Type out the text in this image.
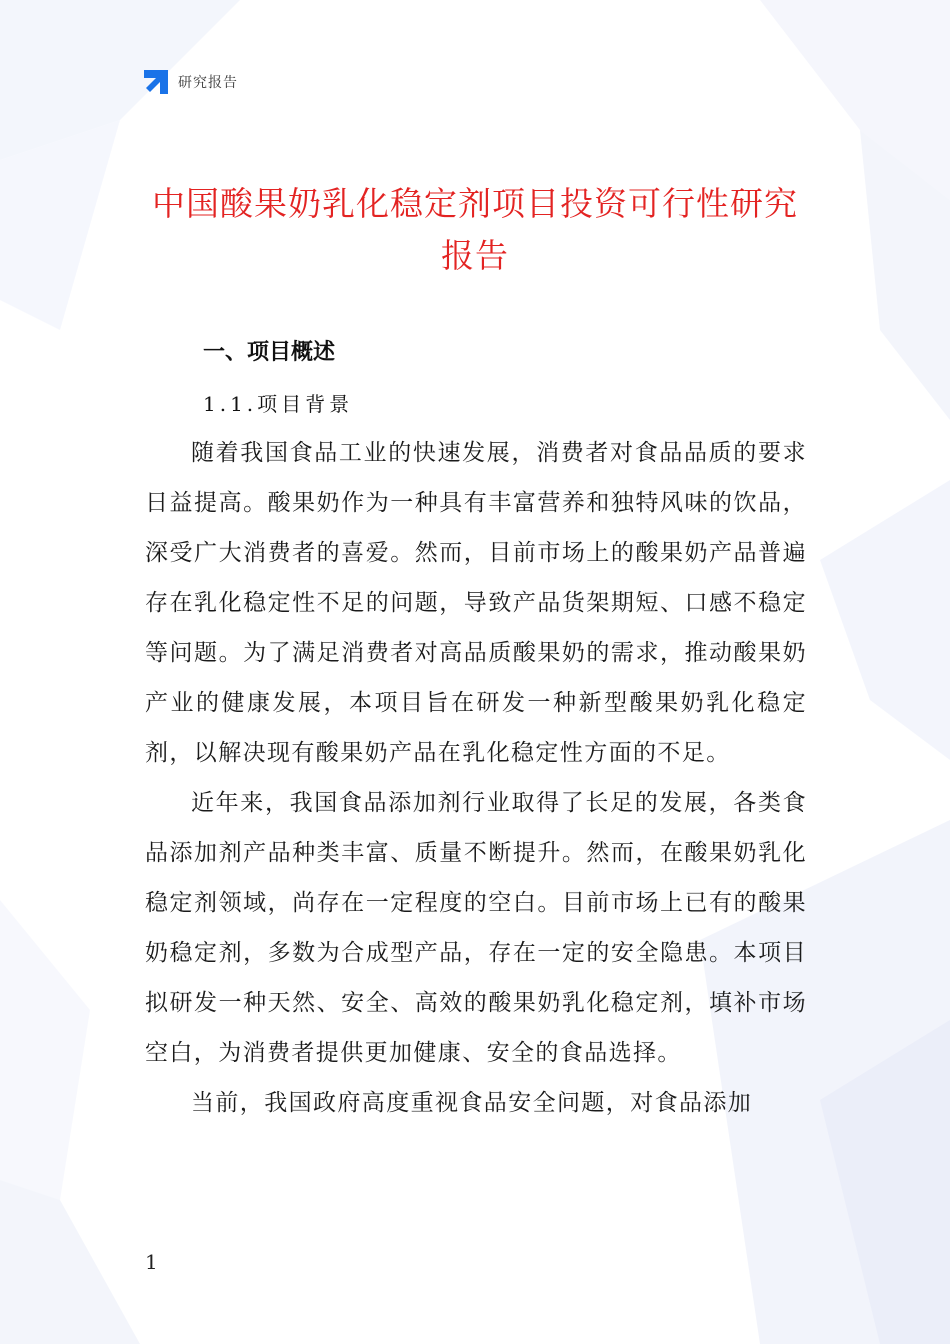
研究报告
中国酸果奶乳化稳定剂项目投资可行性研究报告
一、项目概述
1.1.项目背景

随着我国食品工业的快速发展，消费者对食品品质的要求日益提高。酸果奶作为一种具有丰富营养和独特风味的饮品，深受广大消费者的喜爱。然而，目前市场上的酸果奶产品普遍存在乳化稳定性不足的问题，导致产品货架期短、口感不稳定等问题。为了满足消费者对高品质酸果奶的需求，推动酸果奶产业的健康发展，本项目旨在研发一种新型酸果奶乳化稳定剂，以解决现有酸果奶产品在乳化稳定性方面的不足。

近年来，我国食品添加剂行业取得了长足的发展，各类食品添加剂产品种类丰富、质量不断提升。然而，在酸果奶乳化稳定剂领域，尚存在一定程度的空白。目前市场上已有的酸果奶稳定剂，多数为合成型产品，存在一定的安全隐患。本项目拟研发一种天然、安全、高效的酸果奶乳化稳定剂，填补市场空白，为消费者提供更加健康、安全的食品选择。

当前，我国政府高度重视食品安全问题，对食品添加

1
